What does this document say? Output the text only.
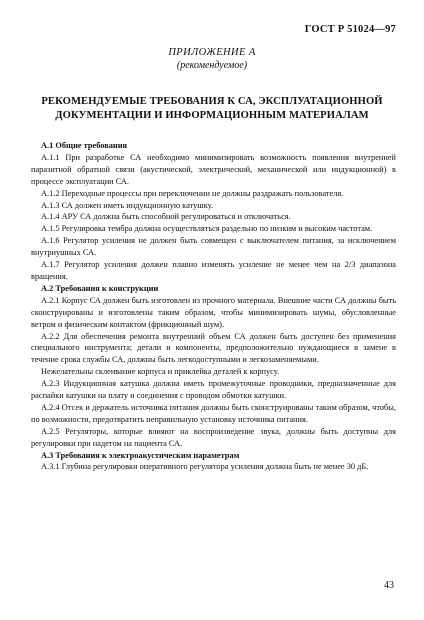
ГОСТ Р 51024—97
ПРИЛОЖЕНИЕ А
(рекомендуемое)
РЕКОМЕНДУЕМЫЕ ТРЕБОВАНИЯ К СА, ЭКСПЛУАТАЦИОННОЙ
ДОКУМЕНТАЦИИ И ИНФОРМАЦИОННЫМ МАТЕРИАЛАМ
А.1 Общие требования

А.1.1 При разработке СА необходимо минимизировать возможность появления внутренней паразитной обратной связи (акустической, электрической, механической или индукционной) в процессе эксплуатации СА.

А.1.2 Переходные процессы при переключении не должны раздражать пользователя.

А.1.3 СА должен иметь индукционную катушку.

А.1.4 АРУ СА должна быть способной регулироваться и отключаться.

А.1.5 Регулировка тембра должна осуществляться раздельно по низким и высоким частотам.

А.1.6 Регулятор усиления не должен быть совмещен с выключателем питания, за исключением внутриушных СА.

А.1.7 Регулятор усиления должен плавно изменять усиление не менее чем на 2/3 диапазона вращения.

А.2 Требования к конструкции

А.2.1 Корпус СА должен быть изготовлен из прочного материала. Внешние части СА должны быть сконструированы и изготовлены таким образом, чтобы минимизировать шумы, обусловленные ветром и физическим контактом (фрикционный шум).

А.2.2 Для обеспечения ремонта внутренний объем СА должен быть доступен без применения специального инструмента; детали и компоненты, предположительно нуждающиеся в замене в течение срока службы СА, должны быть легкодоступными и легкозаменяемыми.

Нежелательны склеивание корпуса и приклейка деталей к корпусу.

А.2.3 Индукционная катушка должна иметь промежуточные проводники, предназначенные для распайки катушки на плату и соединения с проводом обмотки катушки.

А.2.4 Отсек и держатель источника питания должны быть сконструированы таким образом, чтобы, по возможности, предотвратить неправильную установку источника питания.

А.2.5 Регуляторы, которые влияют на воспроизведение звука, должны быть доступны для регулировки при надетом на пациента СА.

А.3 Требования к электроакустическим параметрам

А.3.1 Глубина регулировки оперативного регулятора усиления должна быть не менее 30 дБ.

43
